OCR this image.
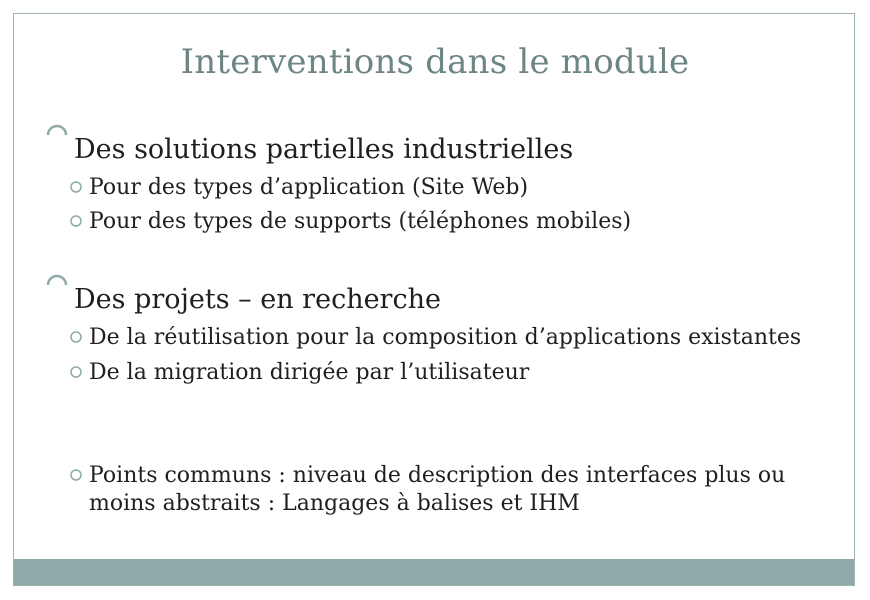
Interventions dans le module
Des solutions partielles industrielles
Pour des types d’application (Site Web)
Pour des types de supports (téléphones mobiles)
Des projets – en recherche
De la réutilisation pour la composition d’applications existantes
De la migration dirigée par l’utilisateur
Points communs : niveau de description des interfaces plus ou
moins abstraits : Langages à balises et IHM
